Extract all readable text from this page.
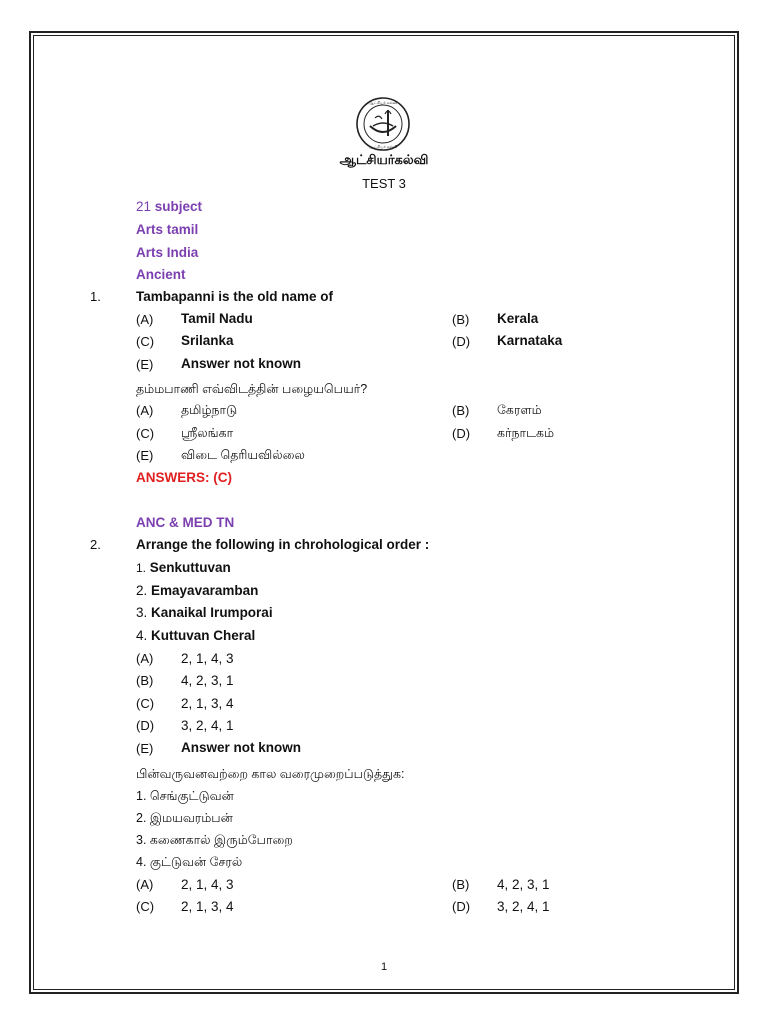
ஆட்சியர் கல்வி
ஆட்சியர் கல்வி
ஆட்சியர்கல்வி
TEST 3
21 subject
Arts tamil
Arts India
Ancient
1.	Tambapanni is the old name of
(A) Tamil Nadu	(B) Kerala
(C) Srilanka	(D) Karnataka
(E) Answer not known
தம்மபாணி எவ்விடத்தின் பழையபெயர்?
(A) தமிழ்நாடு	(B) கேரளம்
(C) ஸ்ரீலங்கா	(D) கர்நாடகம்
(E) விடை தெரியவில்லை
ANSWERS: (C)
ANC & MED TN
2.	Arrange the following in chrohological order :
1. Senkuttuvan
2. Emayavaramban
3. Kanaikal Irumporai
4. Kuttuvan Cheral
(A) 2, 1, 4, 3
(B) 4, 2, 3, 1
(C) 2, 1, 3, 4
(D) 3, 2, 4, 1
(E) Answer not known
பின்வருவனவற்றை கால வரைமுறைப்படுத்துக:
1. செங்குட்டுவன்
2. இமயவரம்பன்
3. கணைகால் இரும்போறை
4. குட்டுவன் சேரல்
(A) 2, 1, 4, 3	(B) 4, 2, 3, 1
(C) 2, 1, 3, 4	(D) 3, 2, 4, 1
1
